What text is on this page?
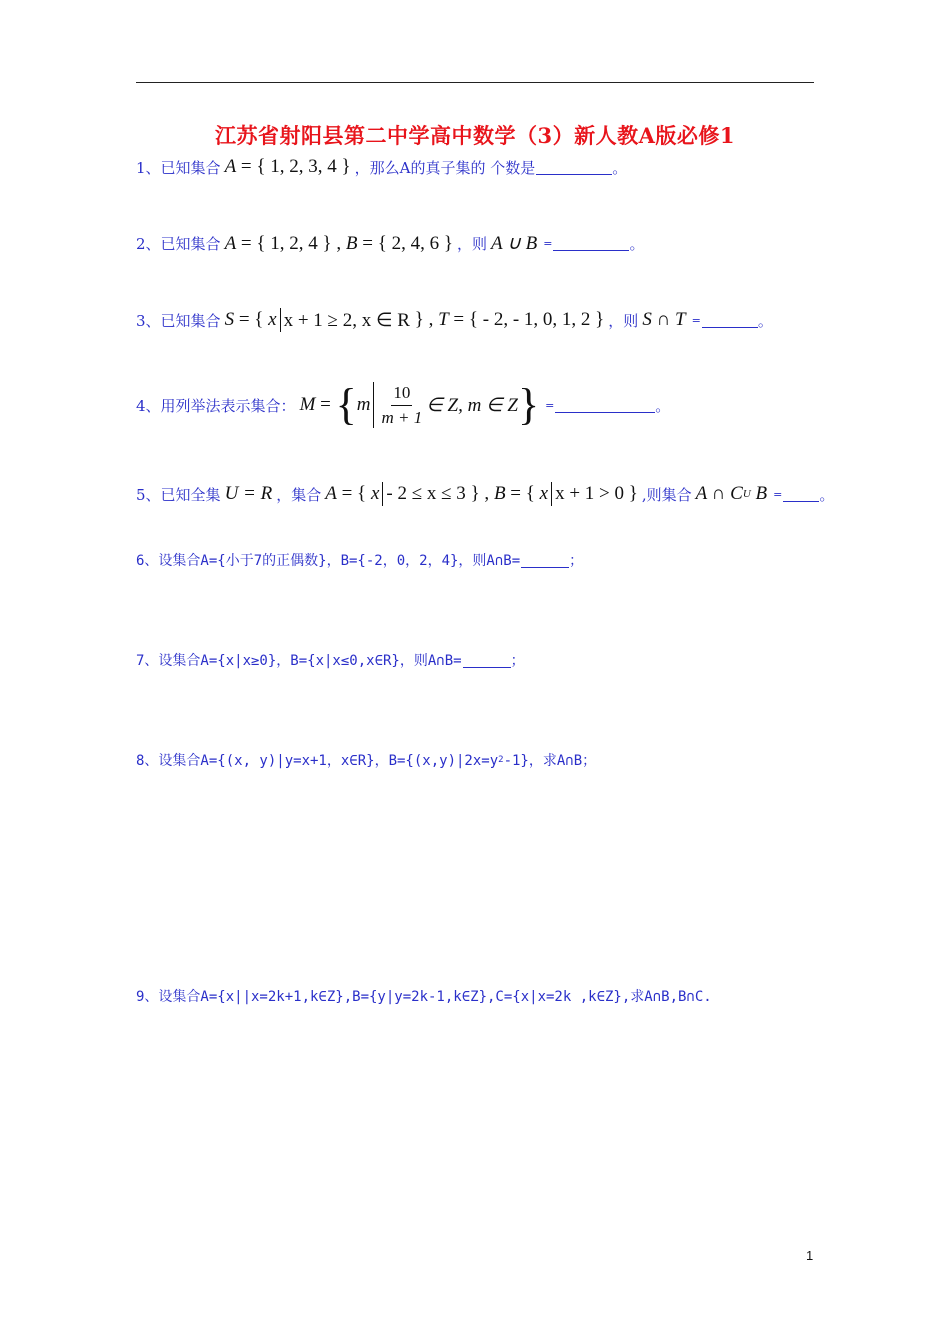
江苏省射阳县第二中学高中数学（3）新人教A版必修1
1、 已知集合 A = { 1, 2, 3, 4 } ，那么A的真子集的 个数是	。
2、 已知集合 A = { 1, 2, 4 } , B = { 2, 4, 6 } ，则 A ∪ B =	。
3、 已知集合 S = { x x + 1 ≥ 2, x ∈ R } , T = { - 2, - 1, 0, 1, 2 } ，则 S ∩ T =	。
4、 用列举法表示集合： M = { m $\frac{10}{m + 1}$ ∈ Z, m ∈ Z } =	。
5、 已知全集 U = R ，集合 A = { x - 2 ≤ x ≤ 3 } , B = { x x + 1 > 0 } ,则集合 A ∩ C U
B = 。
6、设集合A={小于7的正偶数}，B={-2，0，2，4}，则A∩B=	；
7、设集合A={x|x≥0}，B={x|x≤0,x∈R}，则A∩B=	；
8、设集合A={(x, y)|y=x+1，x∈R}，B={(x,y)|2x=y 2 -1}，求A∩B；
9、设集合A={x||x=2k+1,k∈Z},B={y|y=2k-1,k∈Z},C={x|x=2k ,k∈Z},求A∩B,B∩C.
1
